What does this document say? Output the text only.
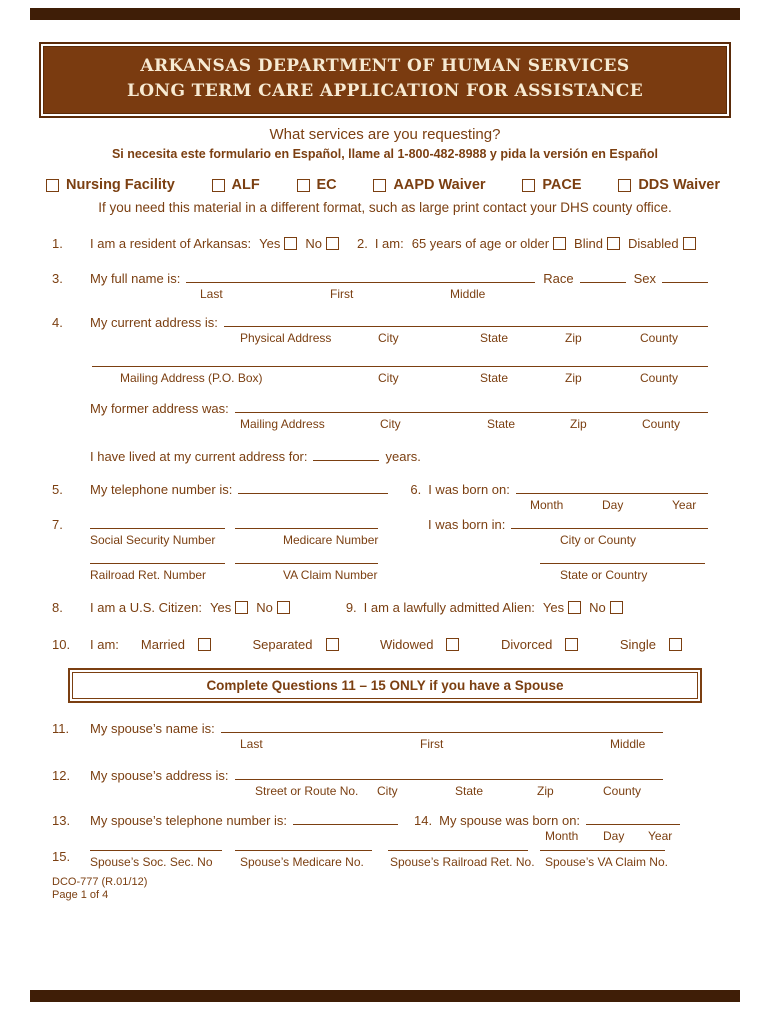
ARKANSAS DEPARTMENT OF HUMAN SERVICES
LONG TERM CARE APPLICATION FOR ASSISTANCE
What services are you requesting?
Si necesita este formulario en Español, llame al 1-800-482-8988 y pida la versión en Español
Nursing Facility	ALF	EC	AAPD Waiver	PACE	DDS Waiver
If you need this material in a different format, such as large print contact your DHS county office.
1.	I am a resident of Arkansas: Yes No	2. I am: 65 years of age or older Blind Disabled
3.	My full name is:	Race	Sex
Last	First	Middle
4.	My current address is:
Physical Address	City	State	Zip	County
Mailing Address (P.O. Box)	City	State	Zip	County
My former address was:
Mailing Address	City	State	Zip	County
I have lived at my current address for:	years.
5.	My telephone number is:	6. I was born on:
Month	Day	Year
7.	I was born in:
Social Security Number	Medicare Number	City or County
Railroad Ret. Number	VA Claim Number	State or Country
8.	I am a U.S. Citizen: Yes No	9. I am a lawfully admitted Alien: Yes No
10.	I am: Married	Separated	Widowed	Divorced	Single
Complete Questions 11 – 15 ONLY if you have a Spouse
11.	My spouse’s name is:
Last	First	Middle
12.	My spouse’s address is:
Street or Route No. City	State	Zip	County
13.	My spouse’s telephone number is:	14. My spouse was born on:
Month Day Year
15.	Spouse’s Soc. Sec. No Spouse’s Medicare No. Spouse’s Railroad Ret. No. Spouse’s VA Claim No.
DCO-777 (R.01/12)
Page 1 of 4
